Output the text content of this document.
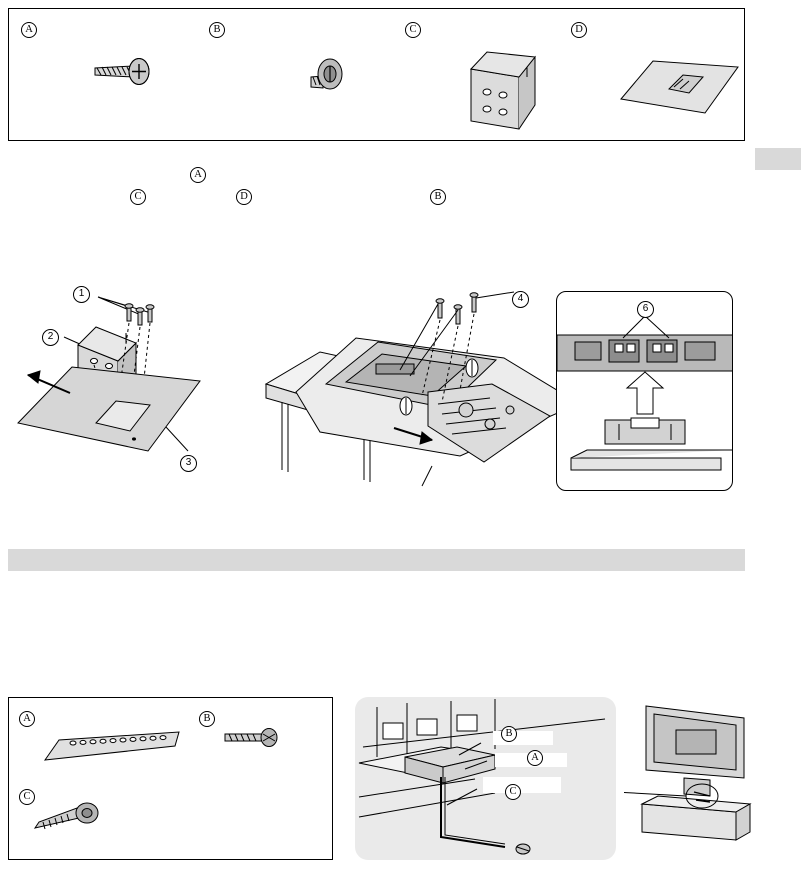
A	B	C	D
A
C	D	B
1
2
3
4
6
A	B
C
B
A
C
